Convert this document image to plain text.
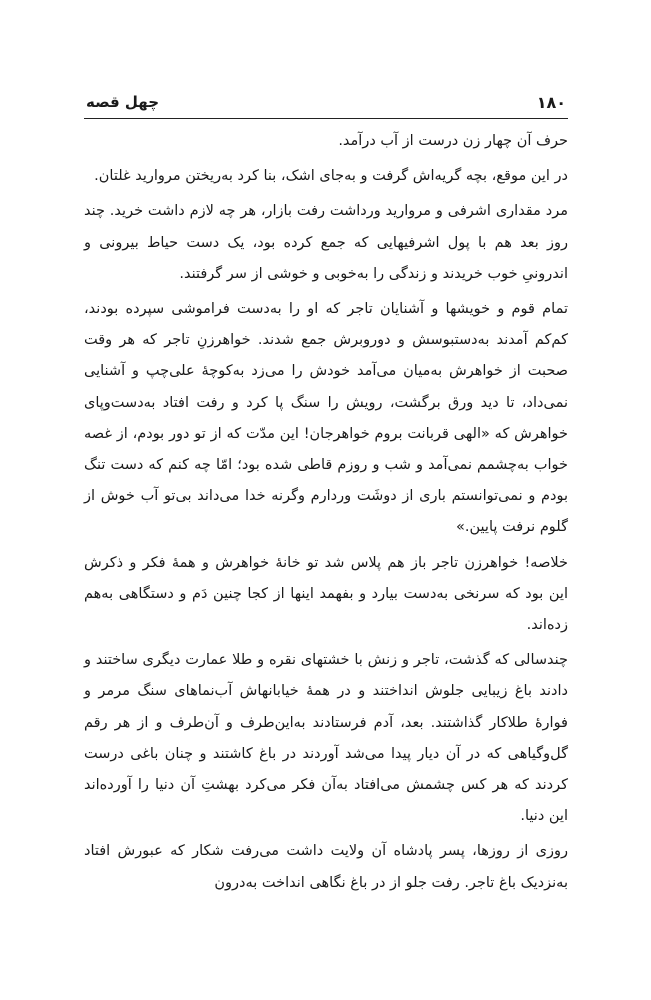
۱۸۰
چهل قصه

حرف آن چهار زن درست از آب درآمد.

در این موقع، بچه گریه‌اش گرفت و به‌جای اشک، بنا کرد به‌ریختن مروارید غلتان.

مرد مقداری اشرفی و مروارید ورداشت رفت بازار، هر چه لازم داشت خرید. چند روز بعد هم با پول اشرفیهایی که جمع کرده بود، یک دست حیاط بیرونی و اندرونیِ خوب خریدند و زندگی را به‌خوبی و خوشی از سر گرفتند.

تمام قوم و خویشها و آشنایان تاجر که او را به‌دست فراموشی سپرده بودند، کم‌کم آمدند به‌دستبوسش و دوروبرش جمع شدند. خواهرزنِ تاجر که هر وقت صحبت از خواهرش به‌میان می‌آمد خودش را می‌زد به‌کوچهٔ علی‌چپ و آشنایی نمی‌داد، تا دید ورق برگشت، رویش را سنگ پا کرد و رفت افتاد به‌دست‌وپای خواهرش که «الهی قربانت بروم خواهرجان! این مدّت که از تو دور بودم، از غصه خواب به‌چشمم نمی‌آمد و شب و روزم قاطی شده بود؛ امّا چه کنم که دست تنگ بودم و نمی‌توانستم باری از دوشَت وردارم وگرنه خدا می‌داند بی‌تو آب خوش از گلوم نرفت پایین.»

خلاصه! خواهرزن تاجر باز هم پلاس شد تو خانهٔ خواهرش و همهٔ فکر و ذکرش این بود که سرنخی به‌دست بیارد و بفهمد اینها از کجا چنین دَم و دستگاهی به‌هم زده‌اند.

چندسالی که گذشت، تاجر و زنش با خشتهای نقره و طلا عمارت دیگری ساختند و دادند باغ زیبایی جلوش انداختند و در همهٔ خیابانهاش آب‌نماهای سنگ مرمر و فوارهٔ طلاکار گذاشتند. بعد، آدم فرستادند به‌این‌طرف و آن‌طرف و از هر رقم گل‌وگیاهی که در آن دیار پیدا می‌شد آوردند در باغ کاشتند و چنان باغی درست کردند که هر کس چشمش می‌افتاد به‌آن فکر می‌کرد بهشتِ آن دنیا را آورده‌اند این دنیا.

روزی از روزها، پسر پادشاه آن ولایت داشت می‌رفت شکار که عبورش افتاد به‌نزدیک باغ تاجر. رفت جلو از در باغ نگاهی انداخت به‌درون
